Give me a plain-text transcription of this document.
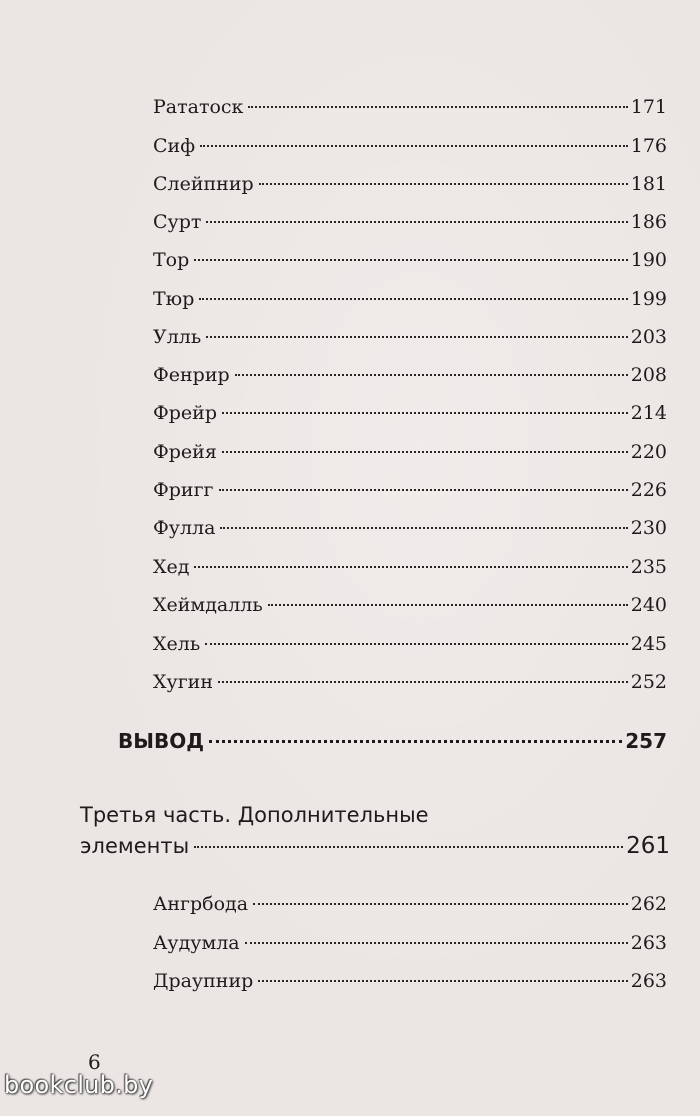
Рататоск	171
Сиф	176
Слейпнир	181
Сурт	186
Тор	190
Тюр	199
Улль	203
Фенрир	208
Фрейр	214
Фрейя	220
Фригг	226
Фулла	230
Хед	235
Хеймдалль	240
Хель	245
Хугин	252
ВЫВОД	257
Третья часть. Дополнительные
элементы	261
Ангрбода	262
Аудумла	263
Драупнир	263
6
bookclub.by
